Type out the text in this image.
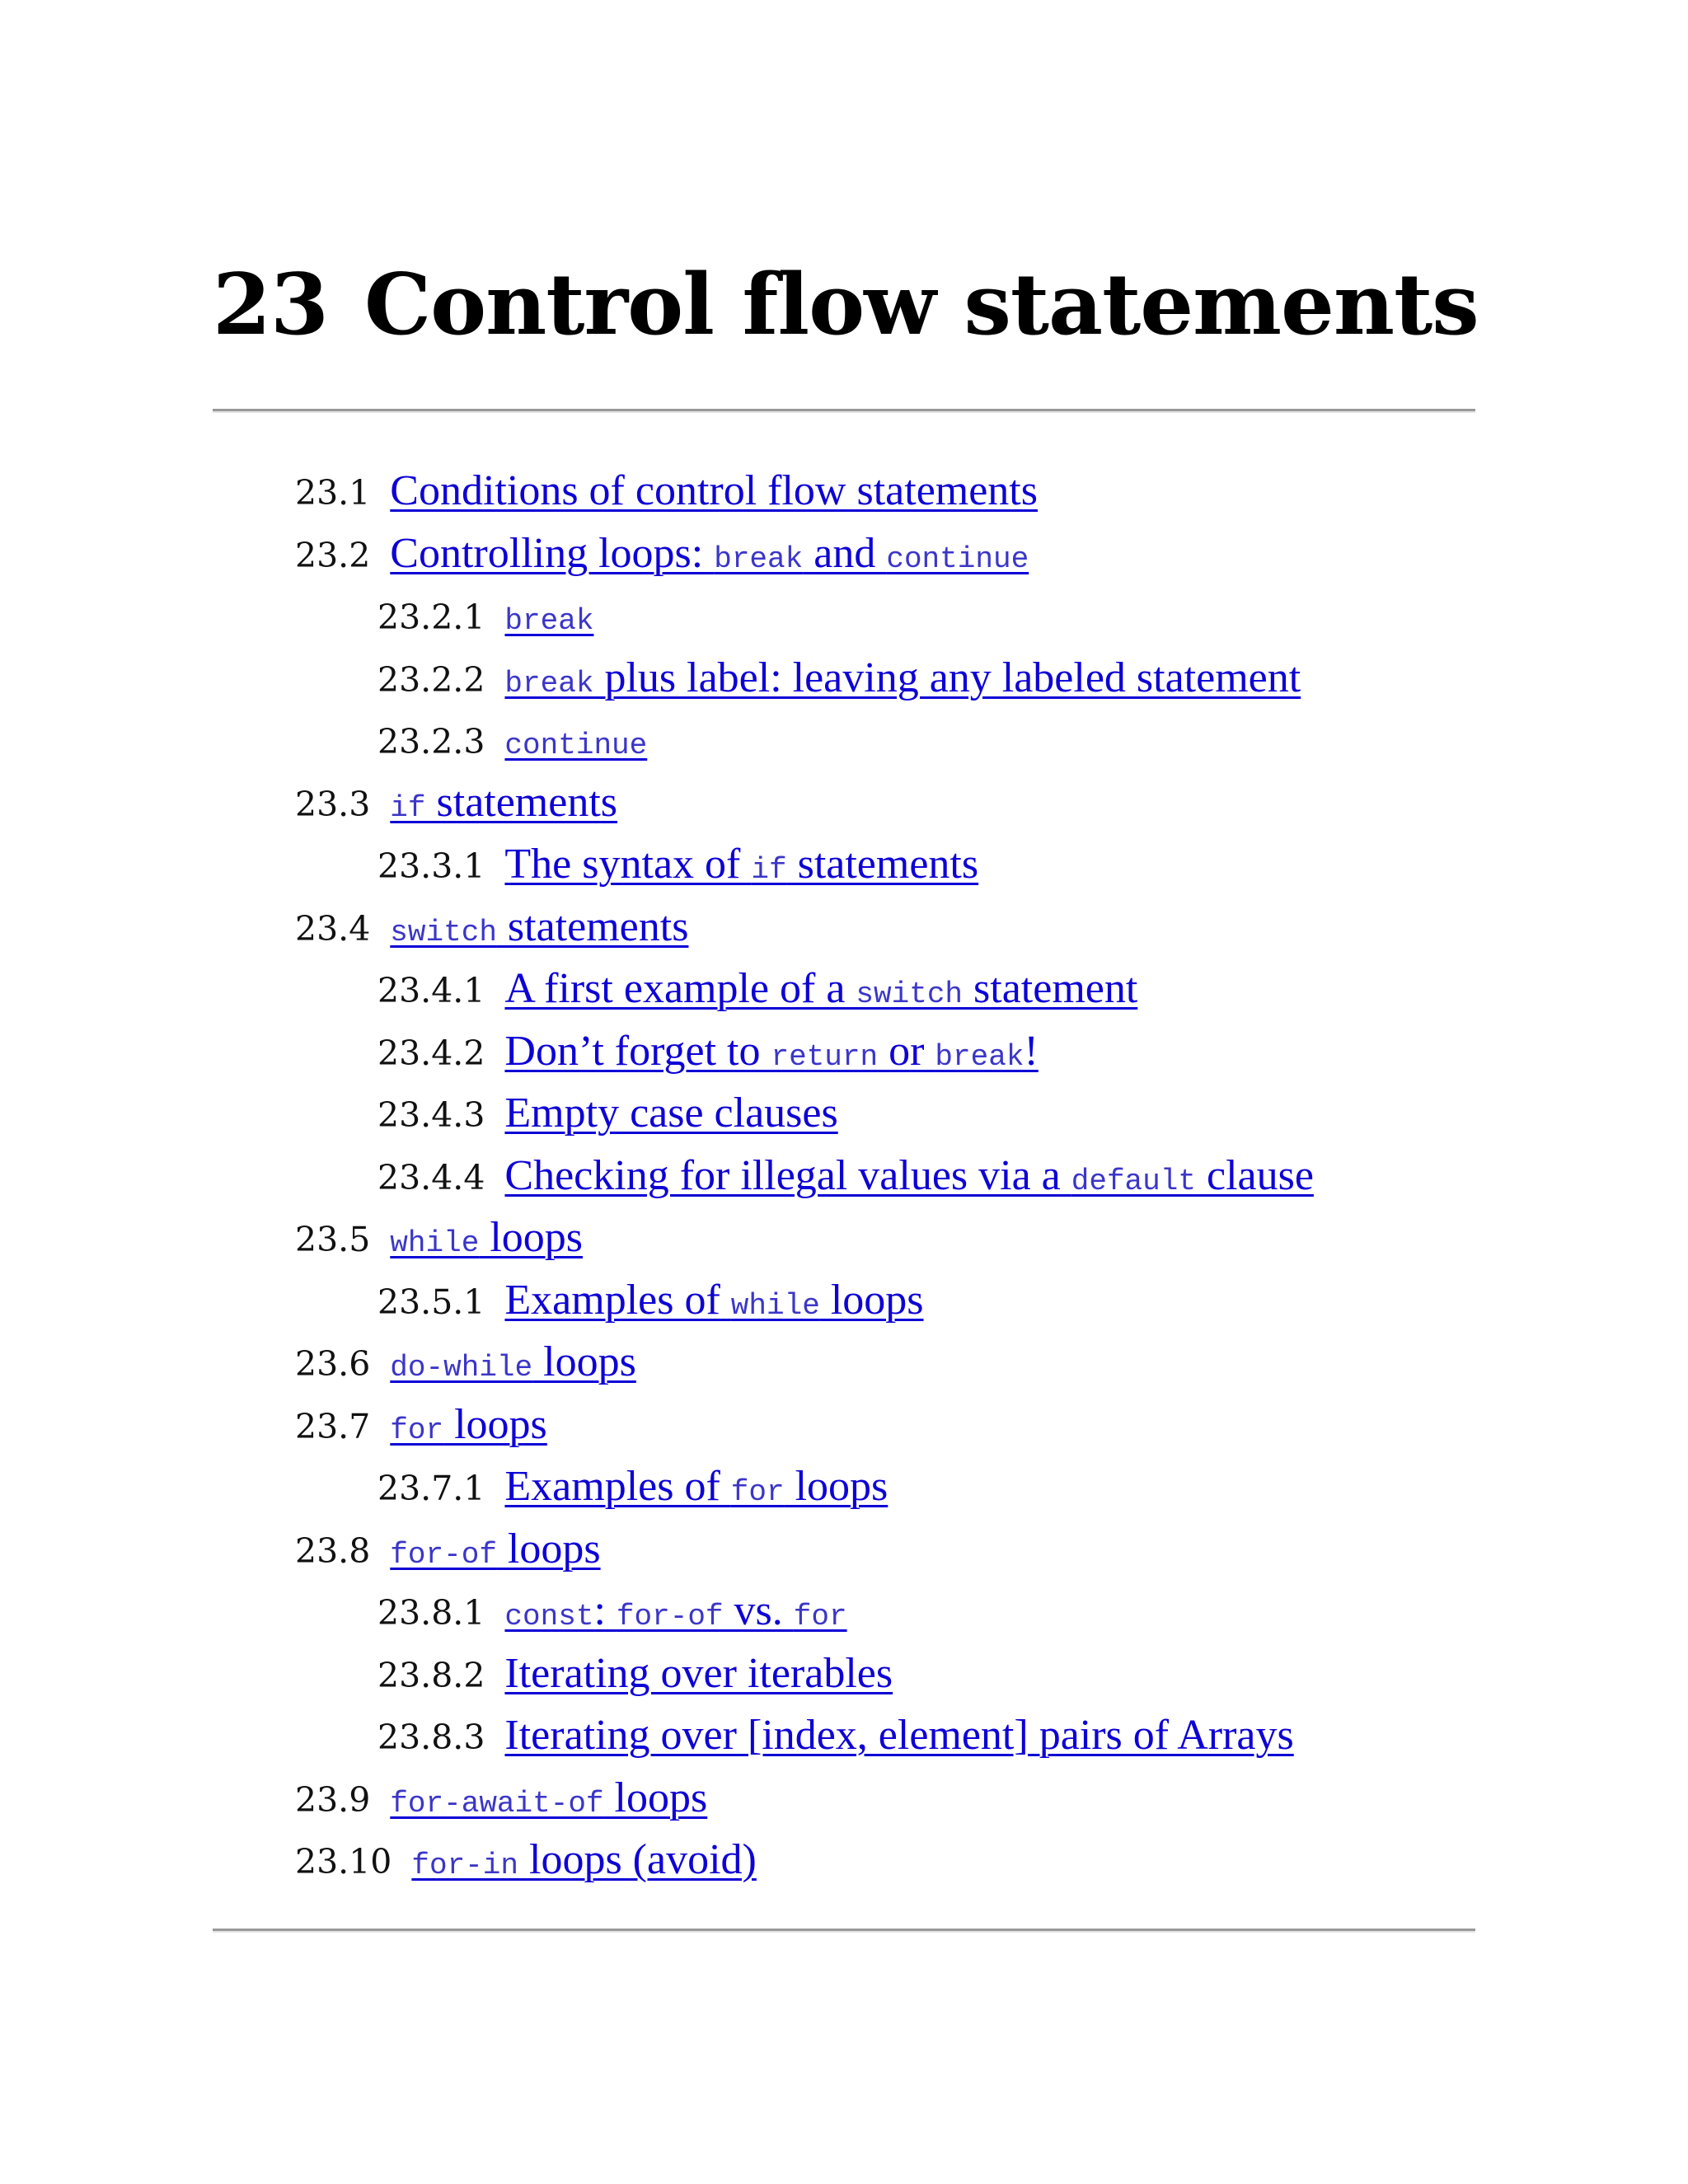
23 Control flow statements
23.1 Conditions of control flow statements
23.2 Controlling loops: break and continue
23.2.1 break
23.2.2 break plus label: leaving any labeled statement
23.2.3 continue
23.3 if statements
23.3.1 The syntax of if statements
23.4 switch statements
23.4.1 A first example of a switch statement
23.4.2 Don’t forget to return or break!
23.4.3 Empty case clauses
23.4.4 Checking for illegal values via a default clause
23.5 while loops
23.5.1 Examples of while loops
23.6 do-while loops
23.7 for loops
23.7.1 Examples of for loops
23.8 for-of loops
23.8.1 const: for-of vs. for
23.8.2 Iterating over iterables
23.8.3 Iterating over [index, element] pairs of Arrays
23.9 for-await-of loops
23.10 for-in loops (avoid)
